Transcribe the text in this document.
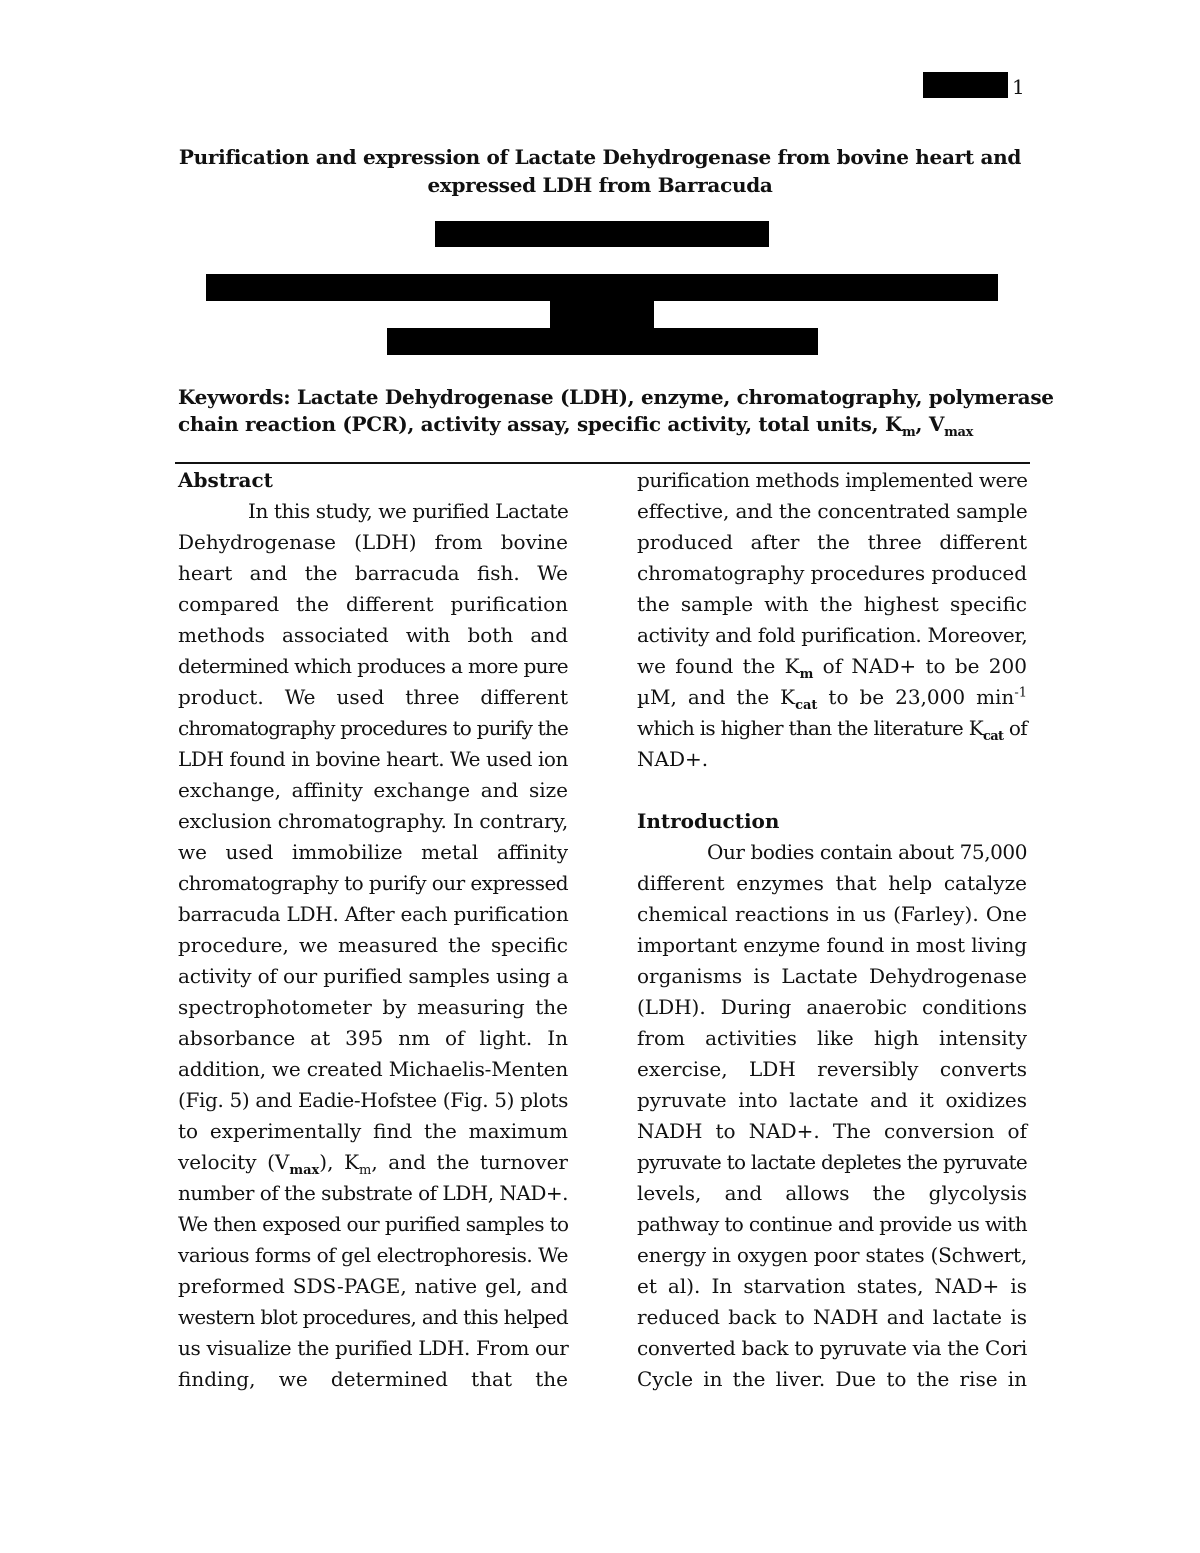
1
Purification and expression of Lactate Dehydrogenase from bovine heart and
expressed LDH from Barracuda
Keywords: Lactate Dehydrogenase (LDH), enzyme, chromatography, polymerase
chain reaction (PCR), activity assay, specific activity, total units, $K_m$, $V_{max}$
Abstract
In this study, we purified Lactate
Dehydrogenase (LDH) from bovine
heart and the barracuda fish. We
compared the different purification
methods associated with both and
determined which produces a more pure
product. We used three different
chromatography procedures to purify the
LDH found in bovine heart. We used ion
exchange, affinity exchange and size
exclusion chromatography. In contrary,
we used immobilize metal affinity
chromatography to purify our expressed
barracuda LDH. After each purification
procedure, we measured the specific
activity of our purified samples using a
spectrophotometer by measuring the
absorbance at 395 nm of light. In
addition, we created Michaelis-Menten
(Fig. 5) and Eadie-Hofstee (Fig. 5) plots
to experimentally find the maximum
velocity $(V_{max})$, $K_m$, and the turnover
number of the substrate of LDH, NAD+.
We then exposed our purified samples to
various forms of gel electrophoresis. We
preformed SDS-PAGE, native gel, and
western blot procedures, and this helped
us visualize the purified LDH. From our
finding, we determined that the
purification methods implemented were
effective, and the concentrated sample
produced after the three different
chromatography procedures produced
the sample with the highest specific
activity and fold purification. Moreover,
we found the $K_m$ of NAD+ to be 200
µM, and the $K_{cat}$ to be 23,000 $\min^{-1}$
which is higher than the literature $K_{cat}$ of
NAD+.
Introduction
Our bodies contain about 75,000
different enzymes that help catalyze
chemical reactions in us (Farley). One
important enzyme found in most living
organisms is Lactate Dehydrogenase
(LDH). During anaerobic conditions
from activities like high intensity
exercise, LDH reversibly converts
pyruvate into lactate and it oxidizes
NADH to NAD+. The conversion of
pyruvate to lactate depletes the pyruvate
levels, and allows the glycolysis
pathway to continue and provide us with
energy in oxygen poor states (Schwert,
et al). In starvation states, NAD+ is
reduced back to NADH and lactate is
converted back to pyruvate via the Cori
Cycle in the liver. Due to the rise in
